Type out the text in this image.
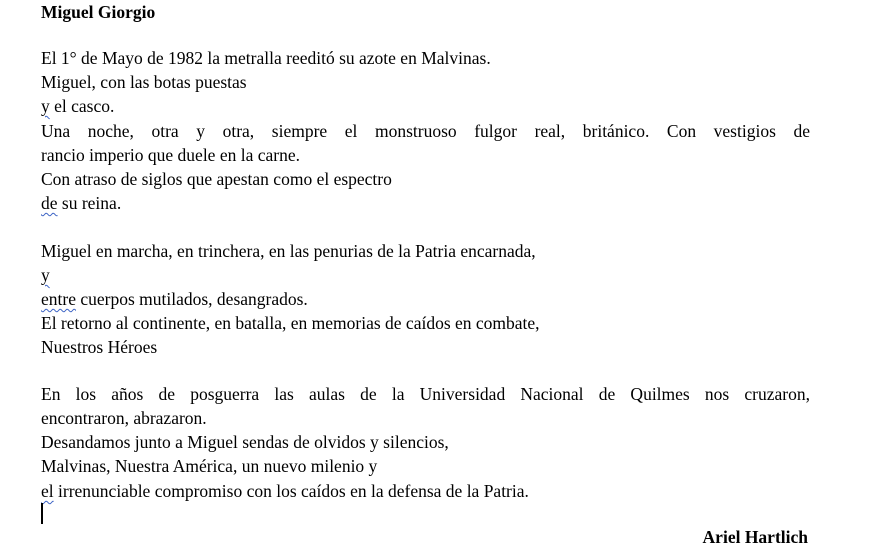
Miguel Giorgio
El 1° de Mayo de 1982 la metralla reeditó su azote en Malvinas.
Miguel, con las botas puestas
y el casco.
Una noche, otra y otra, siempre el monstruoso fulgor real, británico. Con vestigios de
rancio imperio que duele en la carne.
Con atraso de siglos que apestan como el espectro
de su reina.
Miguel en marcha, en trinchera, en las penurias de la Patria encarnada,
y
entre cuerpos mutilados, desangrados.
El retorno al continente, en batalla, en memorias de caídos en combate,
Nuestros Héroes
En los años de posguerra las aulas de la Universidad Nacional de Quilmes nos cruzaron,
encontraron, abrazaron.
Desandamos junto a Miguel sendas de olvidos y silencios,
Malvinas, Nuestra América, un nuevo milenio y
el irrenunciable compromiso con los caídos en la defensa de la Patria.
Ariel Hartlich
